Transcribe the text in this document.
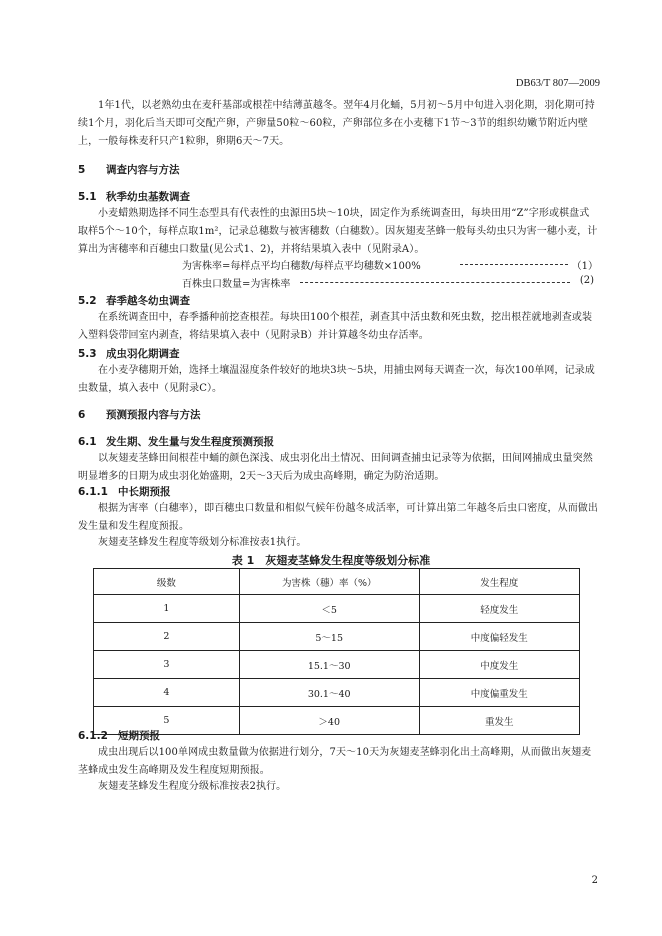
DB63/T 807—2009
1年1代，以老熟幼虫在麦秆基部或根茬中结薄茧越冬。翌年4月化蛹，5月初～5月中旬进入羽化期，羽化期可持续1个月，羽化后当天即可交配产卵，产卵量50粒～60粒，产卵部位多在小麦穗下1节～3节的组织幼嫩节附近内壁上，一般每株麦秆只产1粒卵，卵期6天～7天。
5 调查内容与方法
5.1 秋季幼虫基数调查
小麦蜡熟期选择不同生态型具有代表性的虫源田5块～10块，固定作为系统调查田，每块田用“Z”字形或棋盘式取样5个～10个，每样点取1m²，记录总穗数与被害穗数（白穗数）。因灰翅麦茎蜂一般每头幼虫只为害一穗小麦，计算出为害穗率和百穗虫口数量(见公式1、2)，并将结果填入表中（见附录A）。
为害株率=每样点平均白穗数/每样点平均穗数×100%	（1）
百株虫口数量=为害株率	(2)
5.2 春季越冬幼虫调查
在系统调查田中，春季播种前挖查根茬。每块田100个根茬，剥查其中活虫数和死虫数，挖出根茬就地剥查或装入塑料袋带回室内剥查，将结果填入表中（见附录B）并计算越冬幼虫存活率。
5.3 成虫羽化期调查
在小麦孕穗期开始，选择土壤温湿度条件较好的地块3块～5块，用捕虫网每天调查一次，每次100单网，记录成虫数量，填入表中（见附录C）。
6 预测预报内容与方法
6.1 发生期、发生量与发生程度预测预报
以灰翅麦茎蜂田间根茬中蛹的颜色深浅、成虫羽化出土情况、田间调查捕虫记录等为依据，田间网捕成虫量突然明显增多的日期为成虫羽化始盛期，2天～3天后为成虫高峰期，确定为防治适期。
6.1.1 中长期预报
根据为害率（白穗率），即百穗虫口数量和相似气候年份越冬成活率，可计算出第二年越冬后虫口密度，从而做出发生量和发生程度预报。
灰翅麦茎蜂发生程度等级划分标准按表1执行。
表 1　灰翅麦茎蜂发生程度等级划分标准
级数	为害株（穗）率（%）	发生程度
1	＜5	轻度发生
2	5～15	中度偏轻发生
3	15.1～30	中度发生
4	30.1～40	中度偏重发生
5	＞40	重发生
6.1.2 短期预报
成虫出现后以100单网成虫数量做为依据进行划分，7天～10天为灰翅麦茎蜂羽化出土高峰期，从而做出灰翅麦茎蜂成虫发生高峰期及发生程度短期预报。
灰翅麦茎蜂发生程度分级标准按表2执行。
2
